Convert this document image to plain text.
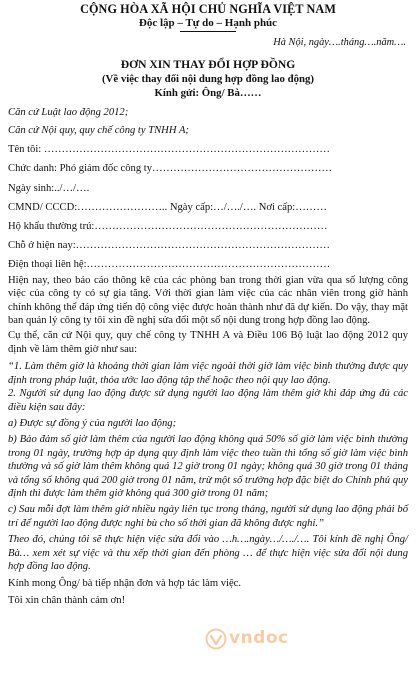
CỘNG HÒA XÃ HỘI CHỦ NGHĨA VIỆT NAM
Độc lập – Tự do – Hạnh phúc
Hà Nội, ngày….tháng….năm….
ĐƠN XIN THAY ĐỔI HỢP ĐỒNG
(Về việc thay đổi nội dung hợp đồng lao động)
Kính gửi: Ông/ Bà……

Căn cứ Luật lao động 2012;

Căn cứ Nội quy, quy chế công ty TNHH A;

Tên tôi: ………………………………………………………………………

Chức danh: Phó giám đốc công ty……………………………………………

Ngày sinh:../…/….

CMND/ CCCD:…………………….. Ngày cấp:…/…./…. Nơi cấp:………

Hộ khẩu thường trú:…………………………………………………………

Chỗ ở hiện nay:………………………………………………………………

Điện thoại liên hệ:……………………………………………………………

Hiện nay, theo báo cáo thông kê của các phòng ban trong thời gian vừa qua số lượng công việc của công ty có sự gia tăng. Với thời gian làm việc của các nhân viên trong giờ hành chính không thể đáp ứng tiến độ công việc được hoàn thành như đã dự kiến. Do vậy, thay mặt ban quản lý công ty tôi xin đề nghị sửa đổi một số nội dung trong hợp đồng lao động.

Cụ thể, căn cứ Nội quy, quy chế công ty TNHH A và Điều 106 Bộ luật lao động 2012 quy định về làm thêm giờ như sau:

“1. Làm thêm giờ là khoảng thời gian làm việc ngoài thời giờ làm việc bình thường được quy định trong pháp luật, thỏa ước lao động tập thể hoặc theo nội quy lao động.

2. Người sử dụng lao động được sử dụng người lao động làm thêm giờ khi đáp ứng đủ các điều kiện sau đây:

a) Được sự đồng ý của người lao động;

b) Bảo đảm số giờ làm thêm của người lao động không quá 50% số giờ làm việc bình thường trong 01 ngày, trường hợp áp dụng quy định làm việc theo tuần thì tổng số giờ làm việc bình thường và số giờ làm thêm không quá 12 giờ trong 01 ngày; không quá 30 giờ trong 01 tháng và tổng số không quá 200 giờ trong 01 năm, trừ một số trường hợp đặc biệt do Chính phủ quy định thì được làm thêm giờ không quá 300 giờ trong 01 năm;

c) Sau mỗi đợt làm thêm giờ nhiều ngày liên tục trong tháng, người sử dụng lao động phải bố trí để người lao động được nghỉ bù cho số thời gian đã không được nghỉ.”

Theo đó, chúng tôi sẽ thực hiện việc sửa đổi vào …h….ngày…/…./…. Tôi kính đề nghị Ông/ Bà… xem xét sự việc và thu xếp thời gian đến phòng … để thực hiện việc sửa đổi nội dung hợp đồng lao động.

Kính mong Ông/ bà tiếp nhận đơn và hợp tác làm việc.

Tôi xin chân thành cảm ơn!

vndoc
